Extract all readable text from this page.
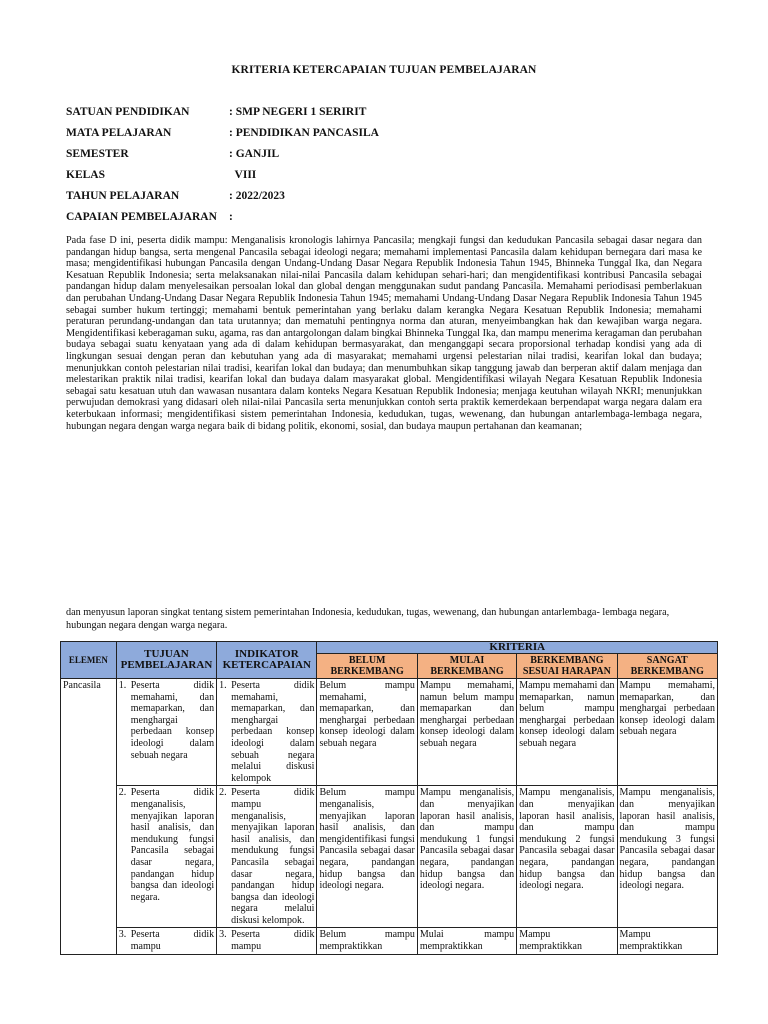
KRITERIA KETERCAPAIAN TUJUAN PEMBELAJARAN
SATUAN PENDIDIKAN	: SMP NEGERI 1 SERIRIT
MATA PELAJARAN	: PENDIDIKAN PANCASILA
SEMESTER	: GANJIL
KELAS	VIII
TAHUN PELAJARAN	: 2022/2023
CAPAIAN PEMBELAJARAN	:
Pada fase D ini, peserta didik mampu: Menganalisis kronologis lahirnya Pancasila; mengkaji fungsi dan kedudukan Pancasila sebagai dasar negara dan pandangan hidup bangsa, serta mengenal Pancasila sebagai ideologi negara; memahami implementasi Pancasila dalam kehidupan bernegara dari masa ke masa; mengidentifikasi hubungan Pancasila dengan Undang-Undang Dasar Negara Republik Indonesia Tahun 1945, Bhinneka Tunggal Ika, dan Negara Kesatuan Republik Indonesia; serta melaksanakan nilai-nilai Pancasila dalam kehidupan sehari-hari; dan mengidentifikasi kontribusi Pancasila sebagai pandangan hidup dalam menyelesaikan persoalan lokal dan global dengan menggunakan sudut pandang Pancasila. Memahami periodisasi pemberlakuan dan perubahan Undang-Undang Dasar Negara Republik Indonesia Tahun 1945; memahami Undang-Undang Dasar Negara Republik Indonesia Tahun 1945 sebagai sumber hukum tertinggi; memahami bentuk pemerintahan yang berlaku dalam kerangka Negara Kesatuan Republik Indonesia; memahami peraturan perundang-undangan dan tata urutannya; dan mematuhi pentingnya norma dan aturan, menyeimbangkan hak dan kewajiban warga negara. Mengidentifikasi keberagaman suku, agama, ras dan antargolongan dalam bingkai Bhinneka Tunggal Ika, dan mampu menerima keragaman dan perubahan budaya sebagai suatu kenyataan yang ada di dalam kehidupan bermasyarakat, dan menganggapi secara proporsional terhadap kondisi yang ada di lingkungan sesuai dengan peran dan kebutuhan yang ada di masyarakat; memahami urgensi pelestarian nilai tradisi, kearifan lokal dan budaya; menunjukkan contoh pelestarian nilai tradisi, kearifan lokal dan budaya; dan menumbuhkan sikap tanggung jawab dan berperan aktif dalam menjaga dan melestarikan praktik nilai tradisi, kearifan lokal dan budaya dalam masyarakat global. Mengidentifikasi wilayah Negara Kesatuan Republik Indonesia sebagai satu kesatuan utuh dan wawasan nusantara dalam konteks Negara Kesatuan Republik Indonesia; menjaga keutuhan wilayah NKRI; menunjukkan perwujudan demokrasi yang didasari oleh nilai-nilai Pancasila serta menunjukkan contoh serta praktik kemerdekaan berpendapat warga negara dalam era keterbukaan informasi; mengidentifikasi sistem pemerintahan Indonesia, kedudukan, tugas, wewenang, dan hubungan antarlembaga-lembaga negara, hubungan negara dengan warga negara baik di bidang politik, ekonomi, sosial, dan budaya maupun pertahanan dan keamanan;
dan menyusun laporan singkat tentang sistem pemerintahan Indonesia, kedudukan, tugas, wewenang, dan hubungan antarlembaga- lembaga negara, hubungan negara dengan warga negara.
ELEMEN	TUJUAN PEMBELAJARAN	INDIKATOR KETERCAPAIAN	KRITERIA			
			BELUM BERKEMBANG	MULAI BERKEMBANG	BERKEMBANG SESUAI HARAPAN	SANGAT BERKEMBANG
Pancasila	1. Peserta didik memahami, dan memaparkan, dan menghargai perbedaan konsep ideologi dalam sebuah negara	1. Peserta didik memahami, memaparkan, dan menghargai perbedaan konsep ideologi dalam sebuah negara melalui diskusi kelompok	Belum mampu memahami, memaparkan, dan menghargai perbedaan konsep ideologi dalam sebuah negara	Mampu memahami, namun belum mampu memaparkan dan menghargai perbedaan konsep ideologi dalam sebuah negara	Mampu memahami dan memaparkan, namun belum mampu menghargai perbedaan konsep ideologi dalam sebuah negara	Mampu memahami, memaparkan, dan menghargai perbedaan konsep ideologi dalam sebuah negara

	2. Peserta didik menganalisis, menyajikan laporan hasil analisis, dan mendukung fungsi Pancasila sebagai dasar negara, pandangan hidup bangsa dan ideologi negara.	2. Peserta didik mampu menganalisis, menyajikan laporan hasil analisis, dan mendukung fungsi Pancasila sebagai dasar negara, pandangan hidup bangsa dan ideologi negara melalui diskusi kelompok.	Belum mampu menganalisis, menyajikan laporan hasil analisis, dan mengidentifikasi fungsi Pancasila sebagai dasar negara, pandangan hidup bangsa dan ideologi negara.	Mampu menganalisis, dan menyajikan laporan hasil analisis, dan mampu mendukung 1 fungsi Pancasila sebagai dasar negara, pandangan hidup bangsa dan ideologi negara.	Mampu menganalisis, dan menyajikan laporan hasil analisis, dan mampu mendukung 2 fungsi Pancasila sebagai dasar negara, pandangan hidup bangsa dan ideologi negara.	Mampu menganalisis, dan menyajikan laporan hasil analisis, dan mampu mendukung 3 fungsi Pancasila sebagai dasar negara, pandangan hidup bangsa dan ideologi negara.

	3. Peserta didik mampu	3. Peserta didik mampu	Belum mampu mempraktikkan	Mulai mampu mempraktikkan	Mampu mempraktikkan	Mampu mempraktikkan
